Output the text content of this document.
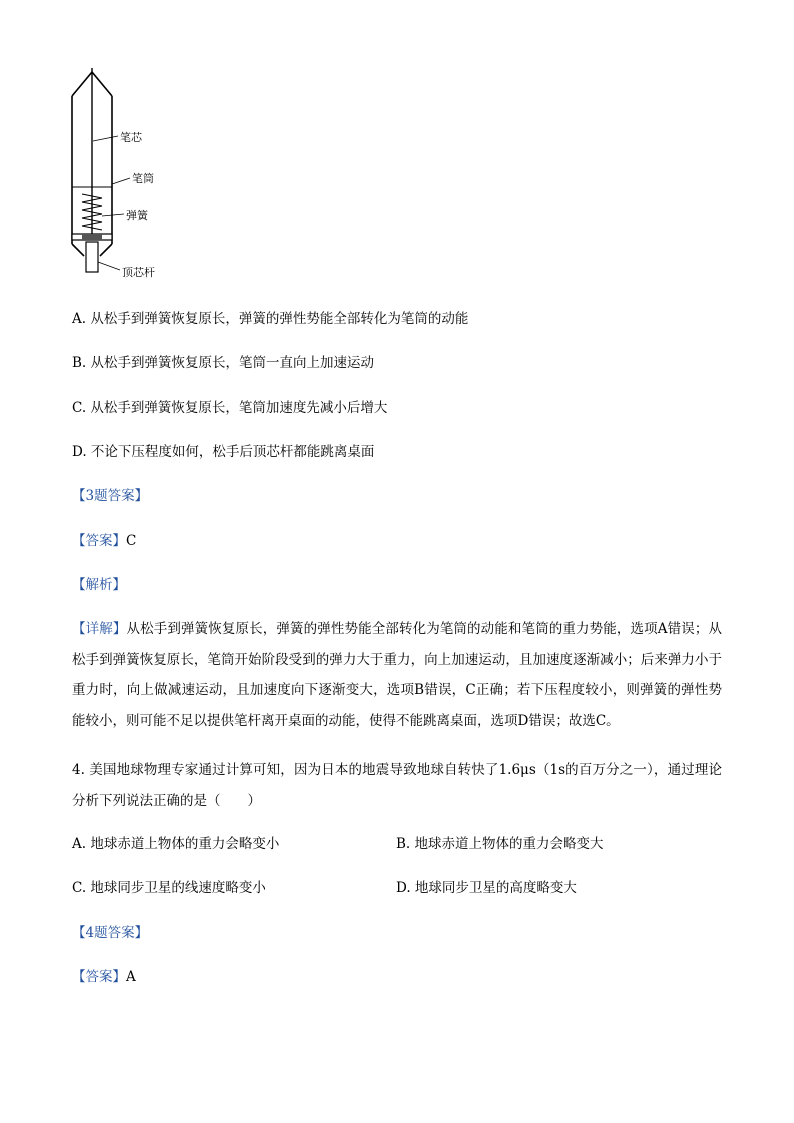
笔芯
笔筒
弹簧
顶芯杆
A. 从松手到弹簧恢复原长，弹簧的弹性势能全部转化为笔筒的动能
B. 从松手到弹簧恢复原长，笔筒一直向上加速运动
C. 从松手到弹簧恢复原长，笔筒加速度先减小后增大
D. 不论下压程度如何，松手后顶芯杆都能跳离桌面
【3题答案】
【答案】C
【解析】
【详解】从松手到弹簧恢复原长，弹簧的弹性势能全部转化为笔筒的动能和笔筒的重力势能，选项A错误；从松手到弹簧恢复原长，笔筒开始阶段受到的弹力大于重力，向上加速运动，且加速度逐渐减小；后来弹力小于重力时，向上做减速运动，且加速度向下逐渐变大，选项B错误，C正确；若下压程度较小，则弹簧的弹性势能较小，则可能不足以提供笔杆离开桌面的动能，使得不能跳离桌面，选项D错误；故选C。
4. 美国地球物理专家通过计算可知，因为日本的地震导致地球自转快了1.6μs（1s的百万分之一），通过理论分析下列说法正确的是（　　）
A. 地球赤道上物体的重力会略变小	B. 地球赤道上物体的重力会略变大
C. 地球同步卫星的线速度略变小	D. 地球同步卫星的高度略变大
【4题答案】
【答案】A
